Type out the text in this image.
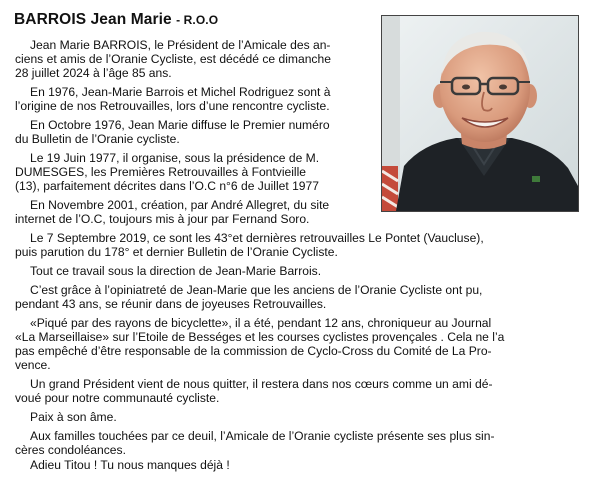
BARROIS Jean Marie - R.O.O
Jean Marie BARROIS, le Président de l’Amicale des an-
ciens et amis de l’Oranie Cycliste, est décédé ce dimanche
28 juillet 2024 à l’âge 85 ans.
En 1976, Jean-Marie Barrois et Michel Rodriguez sont à
l’origine de nos Retrouvailles, lors d’une rencontre cycliste.
En Octobre 1976, Jean Marie diffuse le Premier numéro
du Bulletin de l’Oranie cycliste.
Le 19 Juin 1977, il organise, sous la présidence de M.
DUMESGES, les Premières Retrouvailles à Fontvieille
(13), parfaitement décrites dans l’O.C n°6 de Juillet 1977
En Novembre 2001, création, par André Allegret, du site
internet de l’O.C, toujours mis à jour par Fernand Soro.
Le 7 Septembre 2019, ce sont les 43°et dernières retrouvailles Le Pontet (Vaucluse),
puis parution du 178° et dernier Bulletin de l’Oranie Cycliste.
Tout ce travail sous la direction de Jean-Marie Barrois.
C’est grâce à l’opiniatreté de Jean-Marie que les anciens de l’Oranie Cycliste ont pu,
pendant 43 ans, se réunir dans de joyeuses Retrouvailles.
«Piqué par des rayons de bicyclette», il a été, pendant 12 ans, chroniqueur au Journal
«La Marseillaise» sur l’Etoile de Bességes et les courses cyclistes provençales . Cela ne l’a
pas empêché d’être responsable de la commission de Cyclo-Cross du Comité de La Pro-
vence.
Un grand Président vient de nous quitter, il restera dans nos cœurs comme un ami dé-
voué pour notre communauté cycliste.
Paix à son âme.
Aux familles touchées par ce deuil, l’Amicale de l’Oranie cycliste présente ses plus sin-
cères condoléances.
Adieu Titou ! Tu nous manques déjà !
